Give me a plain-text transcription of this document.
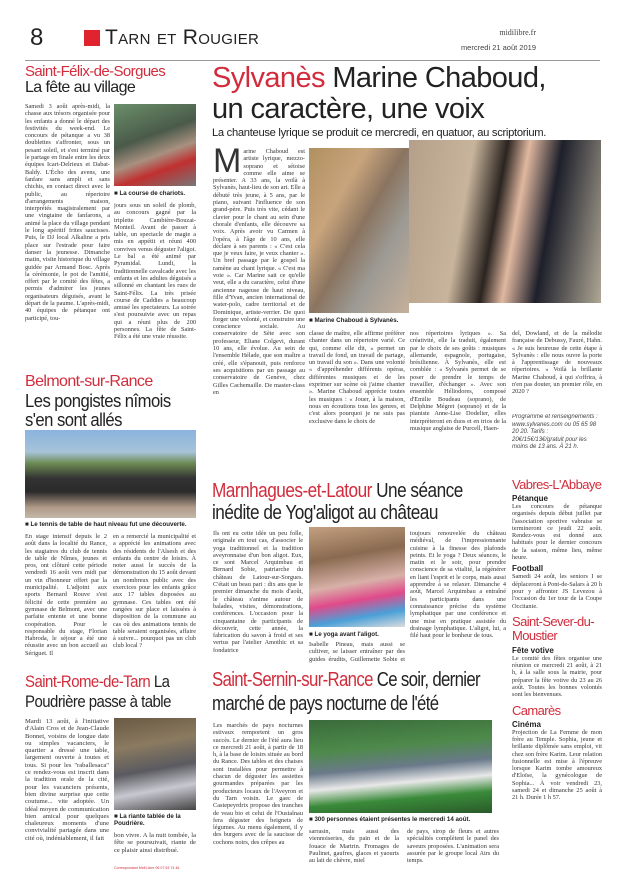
8	Tarn et Rougier	midilibre.fr
mercredi 21 août 2019
Saint-Félix-de-Sorgues
La fête au village
Samedi 3 août après-midi, la chasse aux trésors organisée pour les enfants a donné le départ des festivités du week-end. Le concours de pétanque a vu 38 doublettes s'affronter, sous un pesant soleil, et s'est terminé par le partage en finale entre les deux équipes Icart-Delrieux et Dabat-Baldy. L'Écho des avens, une fanfare sans ampli et sans chichis, en contact direct avec le public, au répertoire d'arrangements maison, interprétés magistralement par une vingtaine de fanfarons, a animé la place du village pendant le long apéritif frites saucisses. Puis, le DJ local Alkaline a pris place sur l'estrade pour faire danser la jeunesse. Dimanche matin, visite historique du village guidée par Armand Bosc. Après la cérémonie, le pot de l'amitié, offert par le comité des fêtes, a permis d'admirer les jeunes organisateurs déguisés, avant le départ de la paume. L'après-midi, 40 équipes de pétanque ont participé, tou-
■ La course de chariots.
jours sous un soleil de plomb, au concours gagné par la triplette Cambière-Bouzat-Monteil. Avant de passer à table, un spectacle de magie a mis en appétit et réuni 400 convives venus déguster l'aligot. Le bal a été animé par Pyramidal. Lundi, la traditionnelle cavalcade avec les enfants et les adultes déguisés a sillonné en chantant les rues de Saint-Félix. La très prisée course de Caddies a beaucoup amusé les spectateurs. La soirée s'est poursuivie avec un repas qui a réuni plus de 200 personnes. La fête de Saint-Félix a été une vraie réussite.
Belmont-sur-Rance
Les pongistes nîmois s'en sont allés
■ Le tennis de table de haut niveau fut une découverte.
En stage intensif depuis le 2 août dans la localité du Rance, les stagiaires du club de tennis de table de Nîmes, jeunes et pros, ont clôturé cette période vendredi 16 août vers midi par un vin d'honneur offert par la municipalité. L'adjoint aux sports Bernard Rouve s'est félicité de cette première au gymnase de Belmont, avec une parfaite entente et une bonne coopération. Pour le responsable du stage, Florian Habroda, le séjour a été une réussite avec un bon accueil au Sériguet. Il
en a remercié la municipalité et a apprécié les animations avec des résidents de l'Alsesh et des enfants du centre de loisirs. À noter aussi le succès de la démonstration du 15 août devant un nombreux public avec des exercices pour les enfants grâce aux 17 tables disposées au gymnase. Ces tables ont été rangées sur place et laissées à disposition de la commune au cas où des animations tennis de table seraient organisées, affaire à suivre... pourquoi pas un club club local ?
Saint-Rome-de-Tarn La
Poudrière passe à table
Mardi 13 août, à l'initiative d'Alain Cros et de Jean-Claude Bonnet, voisins de longue date ou simples vacanciers, le quartier a dressé une table, largement ouverte à toutes et tous. Si pour les "raballesaca" ce rendez-vous est inscrit dans la tradition orale de la cité, pour les vacanciers présents, bien divine surprise que cette coutume... vite adoptée. Un idéal moyen de communication bien amical pour quelques chaleureux moments d'une convivialité partagée dans une cité où, indéniablement, il fait
■ La riante tablée de la Poudrière.
bon vivre. A la nuit tombée, la fête se poursuivait, riante de ce plaisir ainsi distribué.
Correspondant Midi Libre 06 07 63 74 46
Sylvanès Marine Chaboud,
un caractère, une voix
La chanteuse lyrique se produit ce mercredi, en quatuor, au scriptorium.
Marine Chaboud est artiste lyrique, mezzo-soprano et sétoise comme elle aime se présenter. A 33 ans, la voilà à Sylvanès, haut-lieu de son art. Elle a débuté très jeune, à 5 ans, par le piano, suivant l'influence de son grand-père. Puis très vite, cédant le clavier pour le chant au sein d'une chorale d'enfants, elle découvre sa voix. Après avoir vu Carmen à l'opéra, à l'âge de 10 ans, elle déclare à ses parents : « C'est cela que je veux faire, je veux chanter ». Un bref passage par le gospel la ramène au chant lyrique. « C'est ma voie ». Car Marine sait ce qu'elle veut, elle a du caractère, celui d'une ancienne nageuse de haut niveau, fille d'Yvan, ancien international de water-polo, cadre territorial et de Dominique, artiste-verrier. De quoi forger une volonté, et construire une conscience sociale. Au conservatoire de Sète avec son professeur, Eliane Colgevi, durant 10 ans, elle évolue. Au sein de l'ensemble Hélade, que son maître a créé, elle s'épanouit, puis renforce ses acquisitions par un passage au conservatoire de Genève, chez Gilles Cachemaille. De master-class en
■ Marine Chaboud à Sylvanès.
classe de maître, elle affirme préférer chanter dans un répertoire varié. Ce qui, comme elle dit, « permet un travail de fond, un travail de partage, un travail du son ». Dans une volonté « d'appréhender différents opéras, différentes musiques et de les exprimer sur scène où j'aime chanter ». Marine Chaboud apprécie toutes les musiques : « Jouer, à la maison, nous en écoutions tous les genres, et c'est alors pourquoi je ne suis pas exclusive dans le choix de
nos répertoires lyriques ». Sa créativité, elle la traduit, également par le choix de ses goûts : musiques allemande, espagnole, portugaise, brésilienne. À Sylvanès, elle est comblée : « Sylvanès permet de se poser de prendre le temps de travailler, d'échanger ». Avec son ensemble Héliodores, composé d'Emilie Boudeau (soprano), de Delphine Mégret (soprano) et de la pianiste Anne-Lise Dodelier, elles interprèteront en duos et en trios de la musique anglaise de Purcell, Haen-
del, Dowland, et de la mélodie française de Debussy, Fauré, Hahn. « Je suis heureuse de cette étape à Sylvanès : elle nous ouvre la porte à l'apprentissage de nouveaux répertoires. » Voilà la brillante Marine Chaboud, à qui s'offrira, à n'en pas douter, un premier rôle, en 2020 ?
Programme et renseignements : www.sylvanes.com ou 05 65 98 20 20. Tarifs : 20€/15€/13€/gratuit pour les moins de 13 ans. À 21 h.
Marnhagues-et-Latour Une séance
inédite de Yog'aligot au château
Ils ont eu cette idée un peu folle, originale en tout cas, d'associer le yoga traditionnel et la tradition aveyronnaise d'un bon aligot. Eux, ce sont Marcel Arquimbau et Bernard Sobie, patriarche du château de Latour-sur-Sorgues. C'était un beau pari : dix ans que le premier dimanche du mois d'août, le château s'anime autour de balades, visites, démonstrations, conférences. L'occasion pour la cinquantaine de participants de découvrir, cette année, la fabrication du savon à froid et ses vertus par l'atelier Amothic et sa fondatrice
■ Le yoga avant l'aligot.
Isabelle Pineau, mais aussi se cultiver, se laisser entraîner par des guides érudits, Guillemette Sobie et
toujours renouvelée du château médiéval, de l'impressionnante cuisine à la finesse des plafonds peints. Et le yoga ? Deux séances, le matin et le soir, pour prendre conscience de sa vitalité, la régénérer en liant l'esprit et le corps, mais aussi apprendre à se relaxer. Dimanche 4 août, Marcel Arquimbau a entraîné les participants dans une connaissance précise du système lymphatique par une conférence et une mise en pratique assistée du drainage lymphatique. L'aligot, lui, a filé haut pour le bonheur de tous.
Saint-Sernin-sur-Rance Ce soir, dernier
marché de pays nocturne de l'été
Les marchés de pays nocturnes estivaux remportent un gros succès. Le dernier de l'été aura lieu ce mercredi 21 août, à partir de 18 h, à la base de loisirs située au bord du Rance. Des tables et des chaises sont installées pour permettre à chacun de déguster les assiettes gourmandes préparées par les producteurs locaux de l'Aveyron et du Tarn voisin. Le gaec de Castepeyrdrix propose des tranches de veau bio et celui de l'Oustalnau fera déguster des beignets de légumes. Au menu également, il y des burgers avec de la saucisse de cochons noirs, des crêpes au
■ 300 personnes étaient présentes le mercredi 14 août.
sarrasin, mais aussi des viennoiseries, du pain et de la fouace de Martrin. Fromages de Paulinet, gaufres, glaces et yaourts au lait de chèvre, miel
de pays, sirop de fleurs et autres spécialités complètent le panel des saveurs proposées. L'animation sera assurée par le groupe local Airs du temps.
Vabres-L'Abbaye
Pétanque
Les concours de pétanque organisés depuis début juillet par l'association sportive vabraise se termineront ce jeudi 22 août. Rendez-vous est donné aux habitués pour le dernier concours de la saison, même lieu, même heure.
Football
Samedi 24 août, les seniors I se déplaceront à Pont-de-Salars à 20 h pour y affronter JS Levezou à l'occasion du 1er tour de la Coupe Occitanie.
Saint-Sever-du-Moustier
Fête votive
Le comité des fêtes organise une réunion ce mercredi 21 août, à 21 h, à la salle sous la mairie, pour préparer la fête votive du 23 au 26 août. Toutes les bonnes volontés sont les bienvenues.
Camarès
Cinéma
Projection de La Femme de mon frère au Temple. Sophia, jeune et brillante diplômée sans emploi, vit chez son frère Karim. Leur relation fusionnelle est mise à l'épreuve lorsque Karim tombe amoureux d'Eloïse, la gynécologue de Sophia... À voir vendredi 23, samedi 24 et dimanche 25 août à 21 h. Durée 1 h 57.
